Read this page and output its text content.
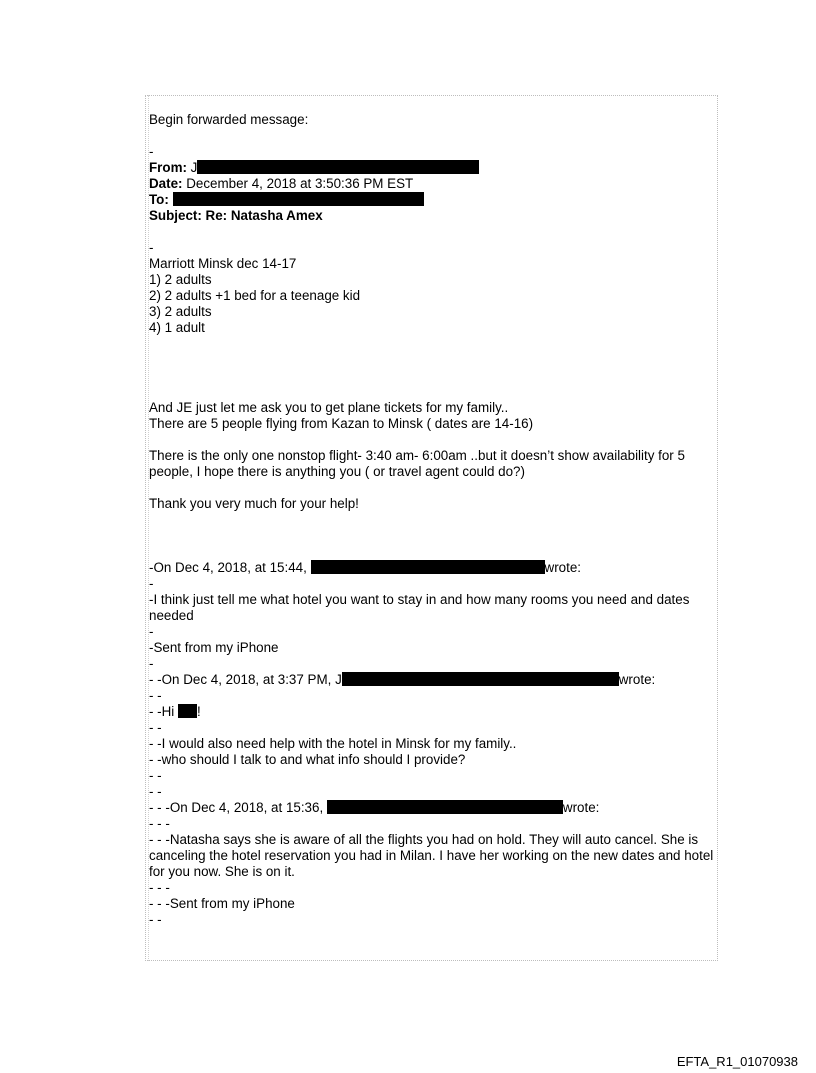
Begin forwarded message:
-
From: J
Date: December 4, 2018 at 3:50:36 PM EST
To:
Subject: Re: Natasha Amex
-
Marriott Minsk dec 14-17
1) 2 adults
2) 2 adults +1 bed for a teenage kid
3) 2 adults
4) 1 adult
And JE just let me ask you to get plane tickets for my family..
There are 5 people flying from Kazan to Minsk ( dates are 14-16)
There is the only one nonstop flight- 3:40 am- 6:00am ..but it doesn’t show availability for 5 people, I hope there is anything you ( or travel agent could do?)
Thank you very much for your help!
-On Dec 4, 2018, at 15:44,	wrote:
-
-I think just tell me what hotel you want to stay in and how many rooms you need and dates needed
-
-Sent from my iPhone
-
- -On Dec 4, 2018, at 3:37 PM, J	wrote:
- -
- -Hi !
- -
- -I would also need help with the hotel in Minsk for my family..
- -who should I talk to and what info should I provide?
- -
- -
- - -On Dec 4, 2018, at 15:36,	wrote:
- - -
- - -Natasha says she is aware of all the flights you had on hold. They will auto cancel. She is canceling the hotel reservation you had in Milan. I have her working on the new dates and hotel for you now. She is on it.
- - -
- - -Sent from my iPhone
- -
EFTA_R1_01070938
